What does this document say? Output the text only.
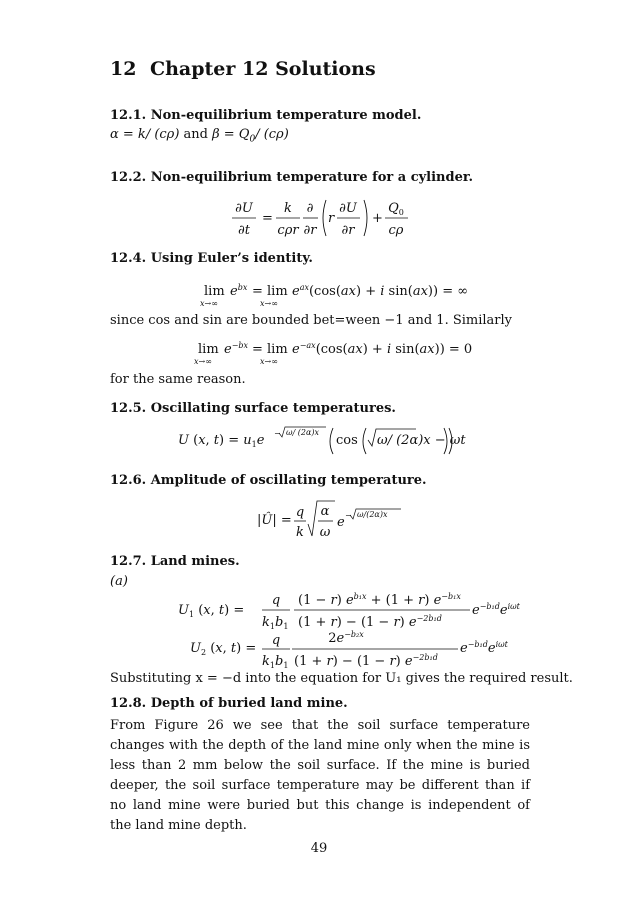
12 Chapter 12 Solutions
12.1. Non-equilibrium temperature model.
α = k/ (cρ) and $\beta = Q_0/$ (cρ)
12.2. Non-equilibrium temperature for a cylinder.
∂U
∂t
=
k
cρr
∂
∂r
r
∂U
∂r
+
$Q_0$
cρ
12.4. Using Euler’s identity.
lim
x→∞
$e^{bx} = \lim$
x→∞
$e^{ax}(\cos(ax) + i$ sin(ax)) = ∞
since cos and sin are bounded bet=ween −1 and 1. Similarly
lim
x→∞
$e^{-bx} = \lim$
x→∞
$e^{-ax}(\cos(ax) + i$ sin(ax)) = 0
for the same reason.
12.5. Oscillating surface temperatures.
U (x, $t) = u_1e - \omega/$ (2α)x
cos ω/ (2α)x − ωt
12.6. Amplitude of oscillating temperature.
|Û| =
q
k
α
ω
e − ω/(2α)x
12.7. Land mines.
(a)
$U_1$ (x, t) =
q
$k_1b_1$
(1 − r) $e^{b_1x} + (1 + r)$ $e^{-b_1x}$
(1 + r) − (1 − r) $e^{-2b_1d}$
$e^{-b_1d}e^{i\omega t}$
$U_2$ (x, t) =
q
$k_1b_1$
$2e^{-b_2x}$
(1 + r) − (1 − r) $e^{-2b_1d}$
$e^{-b_1d}e^{i\omega t}$
Substituting x = −d into the equation for U₁ gives the required result.
12.8. Depth of buried land mine.
From Figure 26 we see that the soil surface temperature changes with the depth of the land mine only when the mine is less than 2 mm below the soil surface. If the mine is buried deeper, the soil surface temperature may be different than if no land mine were buried but this change is independent of the land mine depth.
49
